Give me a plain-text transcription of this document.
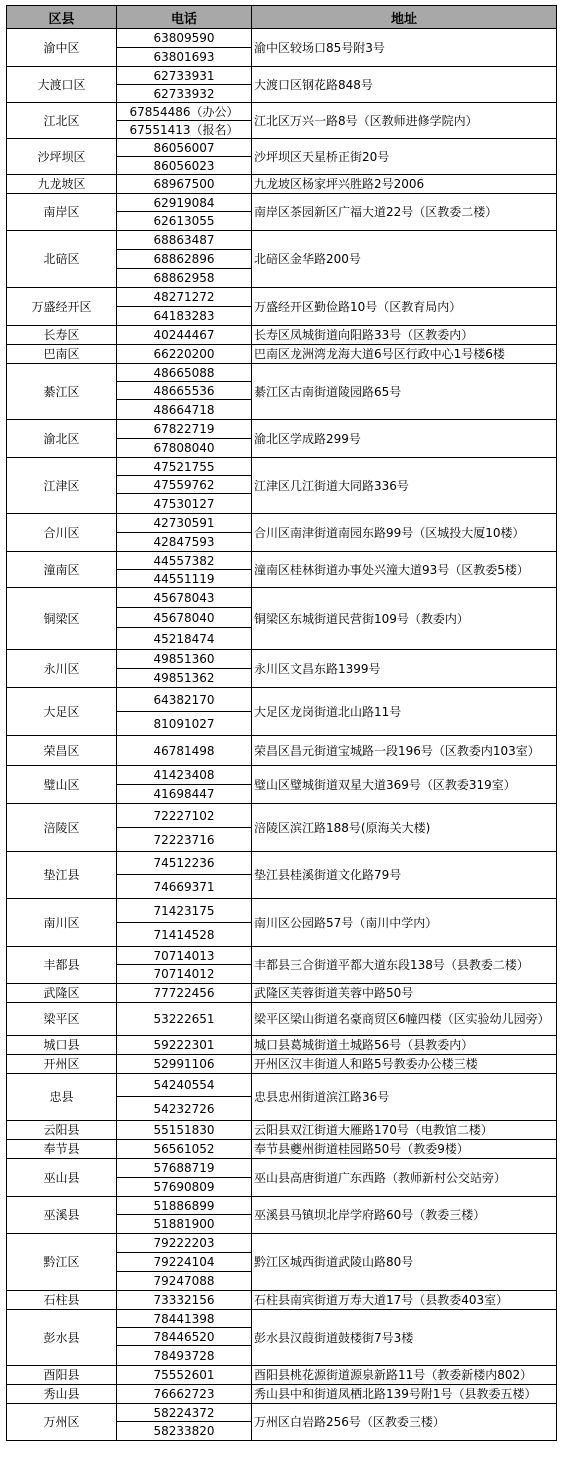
区县	电话	地址
渝中区	63809590	渝中区较场口85号附3号
	63801693	
大渡口区	62733931	大渡口区钢花路848号
	62733932	
江北区	67854486（办公）	江北区万兴一路8号（区教师进修学院内）
	67551413（报名）	
沙坪坝区	86056007	沙坪坝区天星桥正街20号
	86056023	
九龙坡区	68967500	九龙坡区杨家坪兴胜路2号2006
南岸区	62919084	南岸区茶园新区广福大道22号（区教委二楼）
	62613055	
北碚区	68863487	北碚区金华路200号
	68862896	
	68862958	
万盛经开区	48271272	万盛经开区勤俭路10号（区教育局内）
	64183283	
长寿区	40244467	长寿区凤城街道向阳路33号（区教委内）
巴南区	66220200	巴南区龙洲湾龙海大道6号区行政中心1号楼6楼
綦江区	48665088	綦江区古南街道陵园路65号
	48665536	
	48664718	
渝北区	67822719	渝北区学成路299号
	67808040	
江津区	47521755	江津区几江街道大同路336号
	47559762	
	47530127	
合川区	42730591	合川区南津街道南园东路99号（区城投大厦10楼）
	42847593	
潼南区	44557382	潼南区桂林街道办事处兴潼大道93号（区教委5楼）
	44551119	
铜梁区	45678043	铜梁区东城街道民营街109号（教委内）
	45678040	
	45218474	
永川区	49851360	永川区文昌东路1399号
	49851362	
大足区	64382170	大足区龙岗街道北山路11号
	81091027	
荣昌区	46781498	荣昌区昌元街道宝城路一段196号（区教委内103室）
璧山区	41423408	璧山区璧城街道双星大道369号（区教委319室）
	41698447	
涪陵区	72227102	涪陵区滨江路188号(原海关大楼)
	72223716	
垫江县	74512236	垫江县桂溪街道文化路79号
	74669371	
南川区	71423175	南川区公园路57号（南川中学内）
	71414528	
丰都县	70714013	丰都县三合街道平都大道东段138号（县教委二楼）
	70714012	
武隆区	77722456	武隆区芙蓉街道芙蓉中路50号
梁平区	53222651	梁平区梁山街道名豪商贸区6幢四楼（区实验幼儿园旁）
城口县	59222301	城口县葛城街道土城路56号（县教委内）
开州区	52991106	开州区汉丰街道人和路5号教委办公楼三楼
忠县	54240554	忠县忠州街道滨江路36号
	54232726	
云阳县	55151830	云阳县双江街道大雁路170号（电教馆二楼）
奉节县	56561052	奉节县夔州街道桂园路50号（教委9楼）
巫山县	57688719	巫山县高唐街道广东西路（教师新村公交站旁）
	57690809	
巫溪县	51886899	巫溪县马镇坝北岸学府路60号（教委三楼）
	51881900	
黔江区	79222203	黔江区城西街道武陵山路80号
	79224104	
	79247088	
石柱县	73332156	石柱县南宾街道万寿大道17号（县教委403室）
彭水县	78441398	彭水县汉葭街道鼓楼街7号3楼
	78446520	
	78493728	
酉阳县	75552601	酉阳县桃花源街道源泉新路11号（教委新楼内802）
秀山县	76662723	秀山县中和街道凤栖北路139号附1号（县教委五楼）
万州区	58224372	万州区白岩路256号（区教委三楼）
	58233820	
